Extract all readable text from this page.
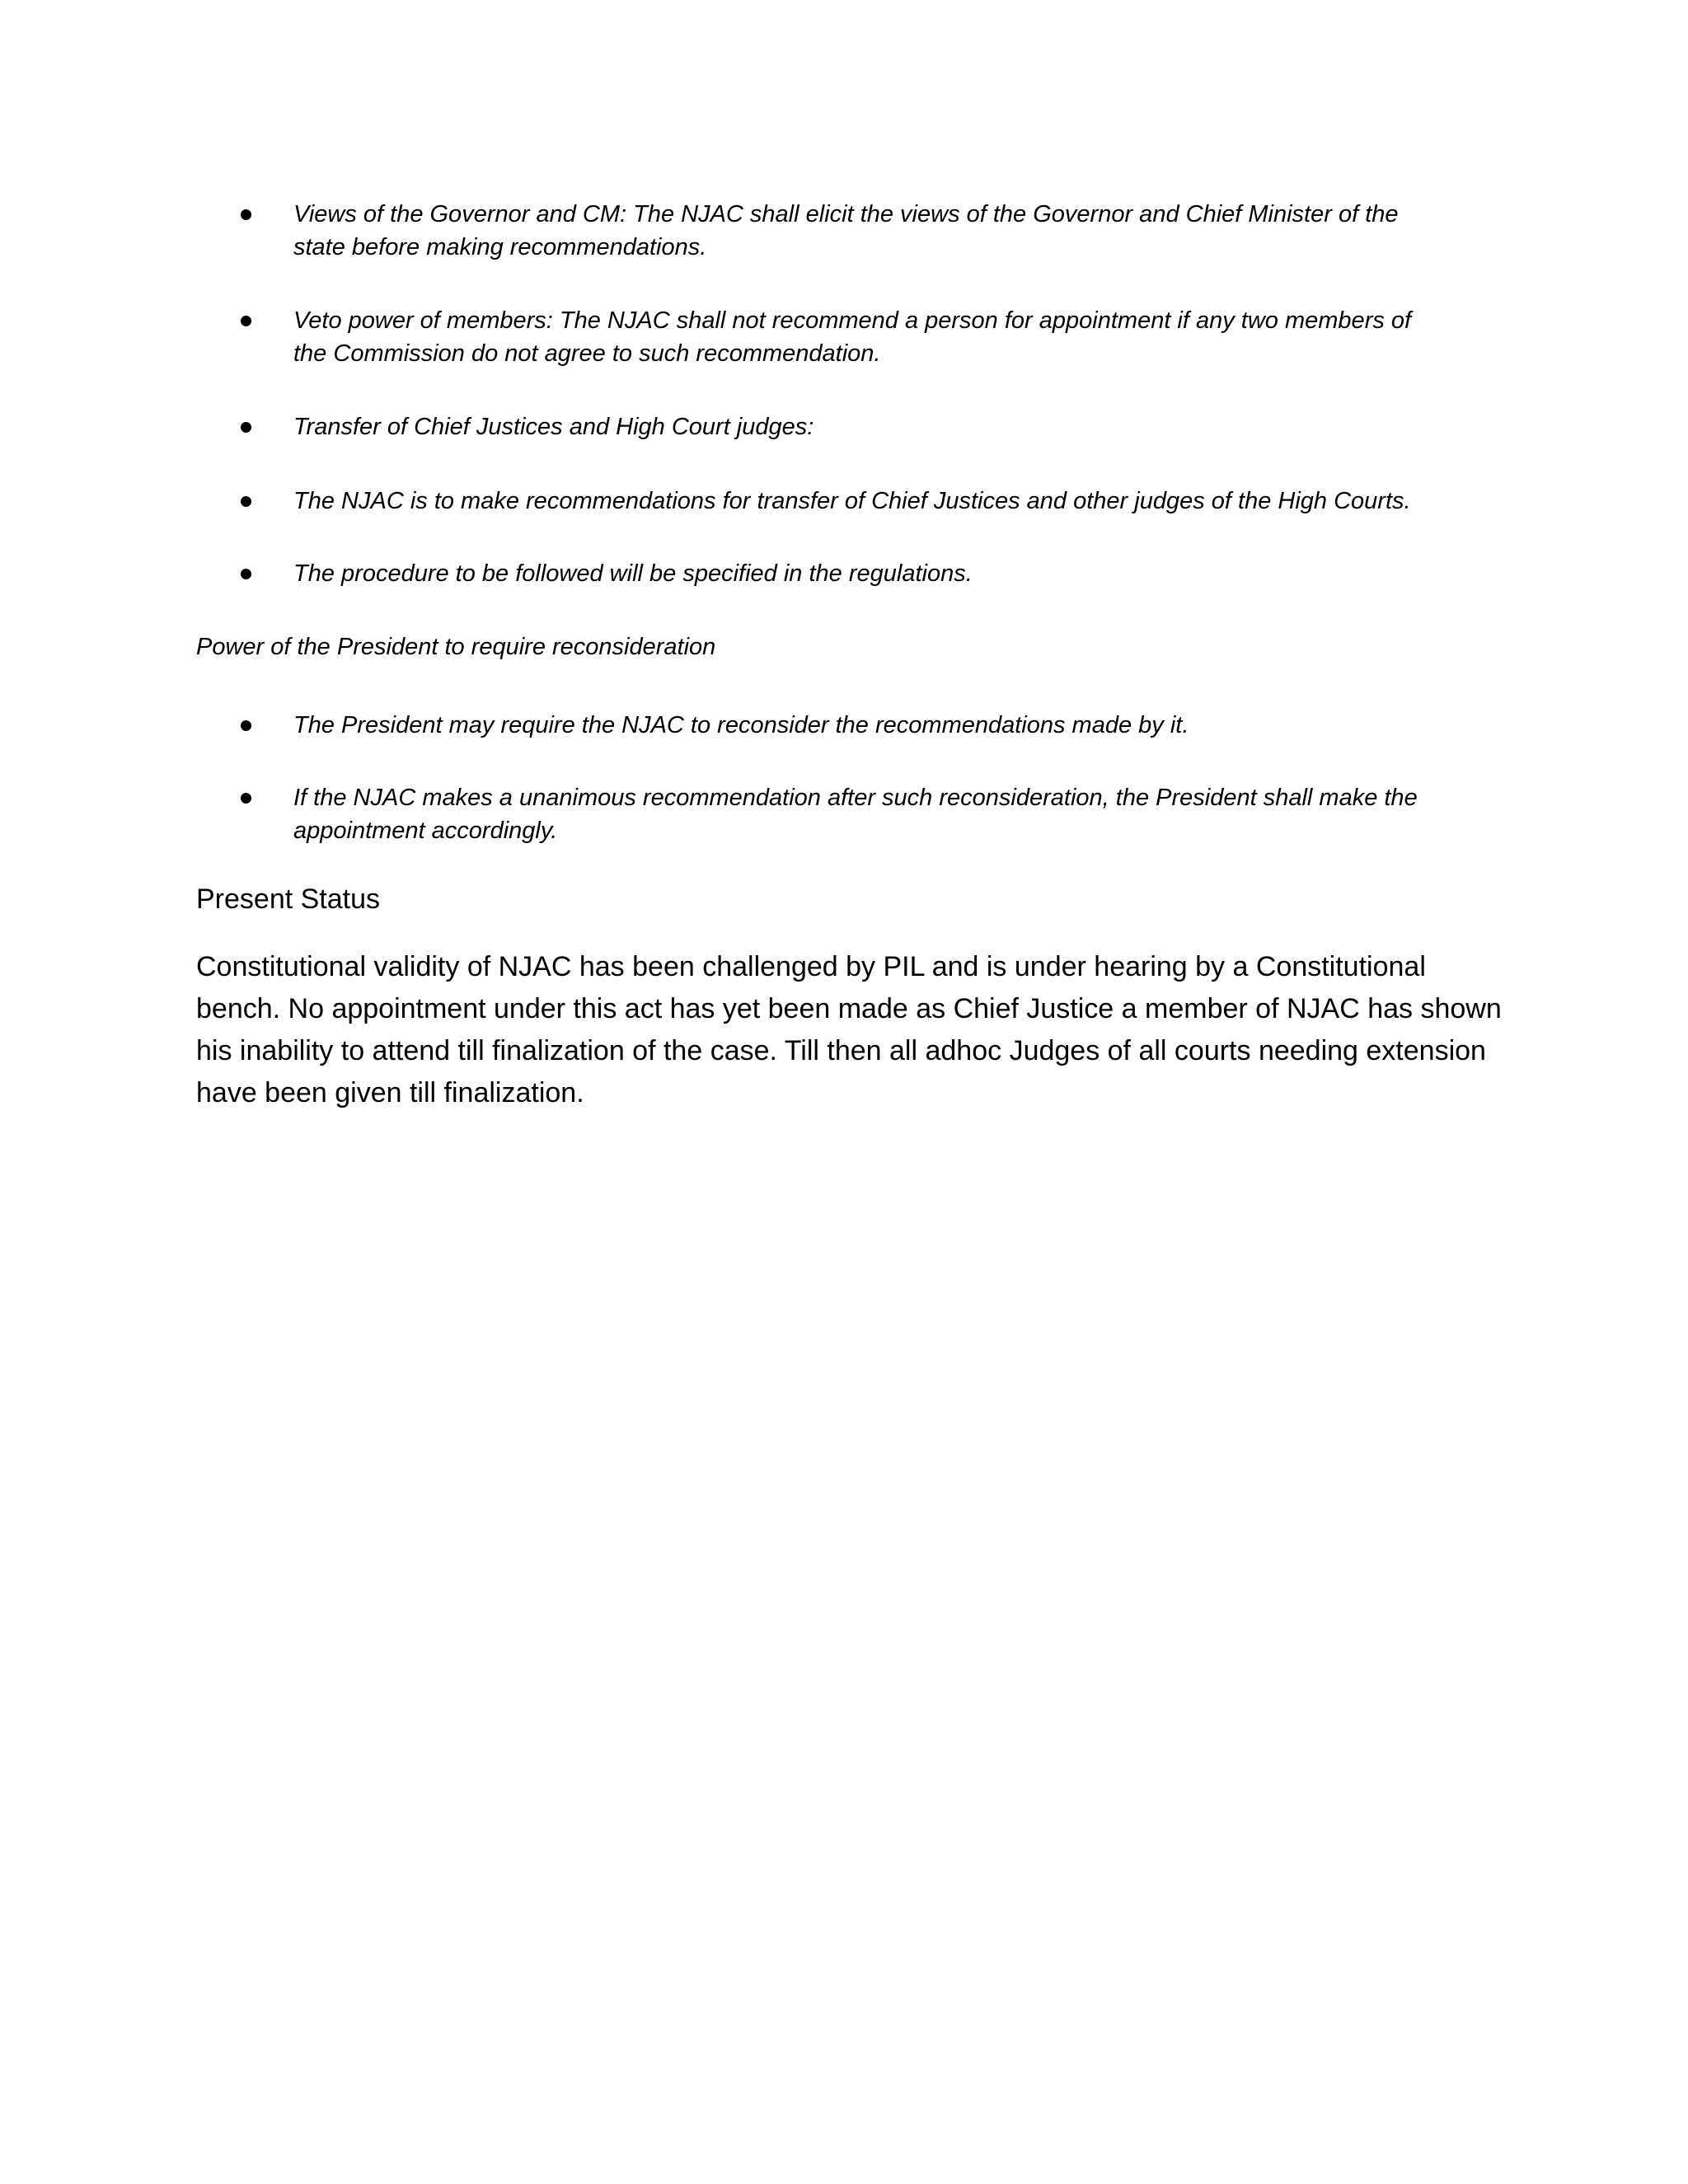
Views of the Governor and CM: The NJAC shall elicit the views of the Governor and Chief Minister of the
state before making recommendations.
Veto power of members: The NJAC shall not recommend a person for appointment if any two members of
the Commission do not agree to such recommendation.
Transfer of Chief Justices and High Court judges:
The NJAC is to make recommendations for transfer of Chief Justices and other judges of the High Courts.
The procedure to be followed will be specified in the regulations.
Power of the President to require reconsideration
The President may require the NJAC to reconsider the recommendations made by it.
If the NJAC makes a unanimous recommendation after such reconsideration, the President shall make the
appointment accordingly.
Present Status
Constitutional validity of NJAC has been challenged by PIL and is under hearing by a Constitutional
bench. No appointment under this act has yet been made as Chief Justice a member of NJAC has shown
his inability to attend till finalization of the case. Till then all adhoc Judges of all courts needing extension
have been given till finalization.
